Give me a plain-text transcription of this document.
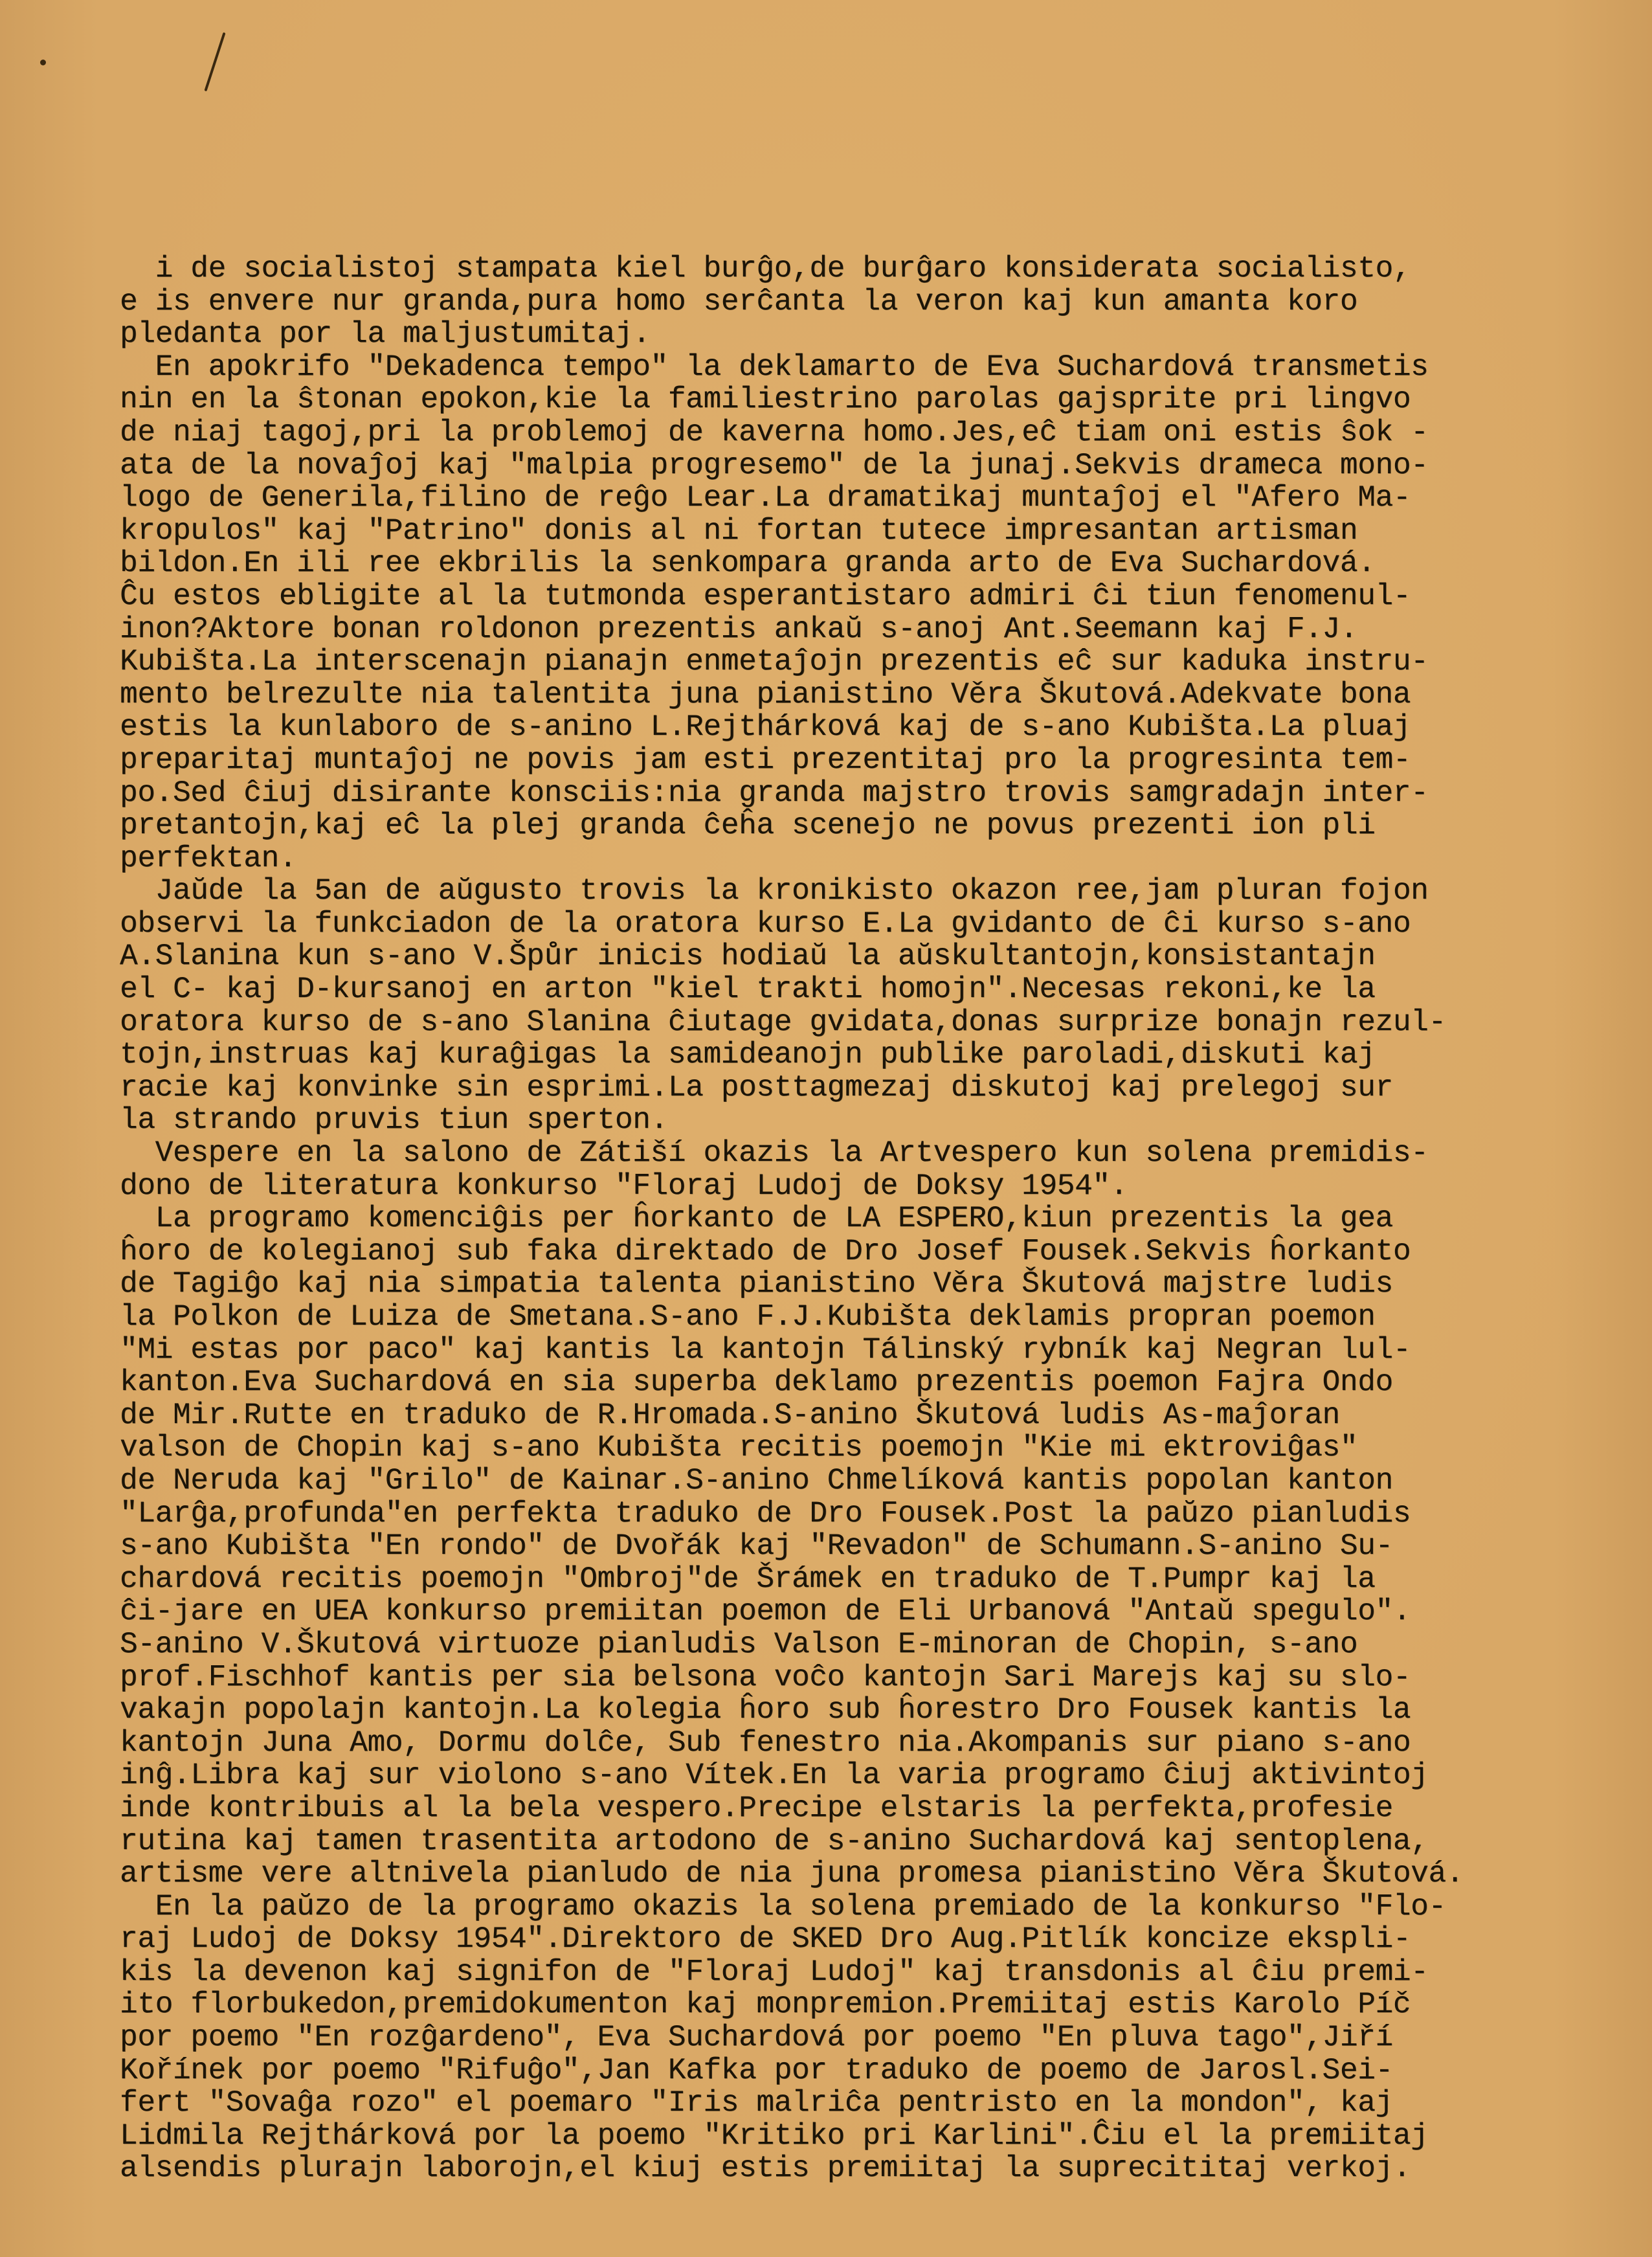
i de socialistoj stampata kiel burĝo,de burĝaro konsiderata socialisto,
e is envere nur granda,pura homo serĉanta la veron kaj kun amanta koro
pledanta por la maljustumitaj.
En apokrifo "Dekadenca tempo" la deklamarto de Eva Suchardová transmetis
nin en la ŝtonan epokon,kie la familiestrino parolas gajsprite pri lingvo
de niaj tagoj,pri la problemoj de kaverna homo.Jes,eĉ tiam oni estis ŝok -
ata de la novaĵoj kaj "malpia progresemo" de la junaj.Sekvis drameca mono-
logo de Generila,filino de reĝo Lear.La dramatikaj muntaĵoj el "Afero Ma-
kropulos" kaj "Patrino" donis al ni fortan tutece impresantan artisman
bildon.En ili ree ekbrilis la senkompara granda arto de Eva Suchardová.
Ĉu estos ebligite al la tutmonda esperantistaro admiri ĉi tiun fenomenul-
inon?Aktore bonan roldonon prezentis ankaŭ s-anoj Ant.Seemann kaj F.J.
Kubišta.La interscenajn pianajn enmetaĵojn prezentis eĉ sur kaduka instru-
mento belrezulte nia talentita juna pianistino Věra Škutová.Adekvate bona
estis la kunlaboro de s-anino L.Rejthárková kaj de s-ano Kubišta.La pluaj
preparitaj muntaĵoj ne povis jam esti prezentitaj pro la progresinta tem-
po.Sed ĉiuj disirante konsciis:nia granda majstro trovis samgradajn inter-
pretantojn,kaj eĉ la plej granda ĉeĥa scenejo ne povus prezenti ion pli
perfektan.
Jaŭde la 5an de aŭgusto trovis la kronikisto okazon ree,jam pluran fojon
observi la funkciadon de la oratora kurso E.La gvidanto de ĉi kurso s-ano
A.Slanina kun s-ano V.Špůr inicis hodiaŭ la aŭskultantojn,konsistantajn
el C- kaj D-kursanoj en arton "kiel trakti homojn".Necesas rekoni,ke la
oratora kurso de s-ano Slanina ĉiutage gvidata,donas surprize bonajn rezul-
tojn,instruas kaj kuraĝigas la samideanojn publike paroladi,diskuti kaj
racie kaj konvinke sin esprimi.La posttagmezaj diskutoj kaj prelegoj sur
la strando pruvis tiun sperton.
Vespere en la salono de Zátiší okazis la Artvespero kun solena premidis-
dono de literatura konkurso "Floraj Ludoj de Doksy 1954".
La programo komenciĝis per ĥorkanto de LA ESPERO,kiun prezentis la gea
ĥoro de kolegianoj sub faka direktado de Dro Josef Fousek.Sekvis ĥorkanto
de Tagiĝo kaj nia simpatia talenta pianistino Věra Škutová majstre ludis
la Polkon de Luiza de Smetana.S-ano F.J.Kubišta deklamis propran poemon
"Mi estas por paco" kaj kantis la kantojn Tálinský rybník kaj Negran lul-
kanton.Eva Suchardová en sia superba deklamo prezentis poemon Fajra Ondo
de Mir.Rutte en traduko de R.Hromada.S-anino Škutová ludis As-maĵoran
valson de Chopin kaj s-ano Kubišta recitis poemojn "Kie mi ektroviĝas"
de Neruda kaj "Grilo" de Kainar.S-anino Chmelíková kantis popolan kanton
"Larĝa,profunda"en perfekta traduko de Dro Fousek.Post la paŭzo pianludis
s-ano Kubišta "En rondo" de Dvořák kaj "Revadon" de Schumann.S-anino Su-
chardová recitis poemojn "Ombroj"de Šrámek en traduko de T.Pumpr kaj la
ĉi-jare en UEA konkurso premiitan poemon de Eli Urbanová "Antaŭ spegulo".
S-anino V.Škutová virtuoze pianludis Valson E-minoran de Chopin, s-ano
prof.Fischhof kantis per sia belsona voĉo kantojn Sari Marejs kaj su slo-
vakajn popolajn kantojn.La kolegia ĥoro sub ĥorestro Dro Fousek kantis la
kantojn Juna Amo, Dormu dolĉe, Sub fenestro nia.Akompanis sur piano s-ano
inĝ.Libra kaj sur violono s-ano Vítek.En la varia programo ĉiuj aktivintoj
inde kontribuis al la bela vespero.Precipe elstaris la perfekta,profesie
rutina kaj tamen trasentita artodono de s-anino Suchardová kaj sentoplena,
artisme vere altnivela pianludo de nia juna promesa pianistino Věra Škutová.
En la paŭzo de la programo okazis la solena premiado de la konkurso "Flo-
raj Ludoj de Doksy 1954".Direktoro de SKED Dro Aug.Pitlík koncize ekspli-
kis la devenon kaj signifon de "Floraj Ludoj" kaj transdonis al ĉiu premi-
ito florbukedon,premidokumenton kaj monpremion.Premiitaj estis Karolo Píč
por poemo "En rozĝardeno", Eva Suchardová por poemo "En pluva tago",Jiří
Kořínek por poemo "Rifuĝo",Jan Kafka por traduko de poemo de Jarosl.Sei-
fert "Sovaĝa rozo" el poemaro "Iris malriĉa pentristo en la mondon", kaj
Lidmila Rejthárková por la poemo "Kritiko pri Karlini".Ĉiu el la premiitaj
alsendis plurajn laborojn,el kiuj estis premiitaj la suprecititaj verkoj.
